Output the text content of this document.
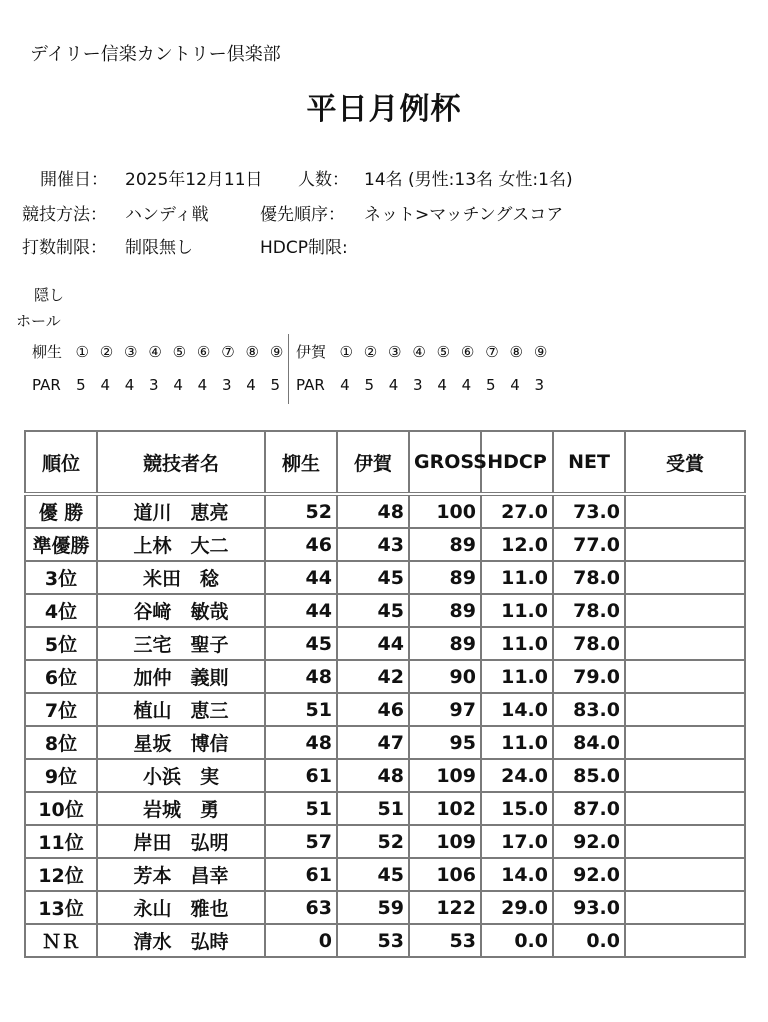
デイリー信楽カントリー倶楽部
平日月例杯
開催日： 2025年12月11日 人数： 14名 (男性:13名 女性:1名)
競技方法： ハンディ戦	優先順序： ネット>マッチングスコア
打数制限： 制限無し	HDCP制限:
隠し
ホール
柳生 ① ② ③ ④ ⑤ ⑥ ⑦ ⑧ ⑨
PAR 5 4 4 3 4 4 3 4 5
伊賀 ① ② ③ ④ ⑤ ⑥ ⑦ ⑧ ⑨
PAR 4 5 4 3 4 4 5 4 3
順位	競技者名	柳生	伊賀	GROSS	HDCP	NET	受賞
優 勝	道川　恵亮	52	48	100	27.0	73.0	
準優勝	上林　大二	46	43	89	12.0	77.0	
3位	米田　稔	44	45	89	11.0	78.0	
4位	谷﨑　敏哉	44	45	89	11.0	78.0	
5位	三宅　聖子	45	44	89	11.0	78.0	
6位	加仲　義則	48	42	90	11.0	79.0	
7位	植山　恵三	51	46	97	14.0	83.0	
8位	星坂　博信	48	47	95	11.0	84.0	
9位	小浜　実	61	48	109	24.0	85.0	
10位	岩城　勇	51	51	102	15.0	87.0	
11位	岸田　弘明	57	52	109	17.0	92.0	
12位	芳本　昌幸	61	45	106	14.0	92.0	
13位	永山　雅也	63	59	122	29.0	93.0	
ＮＲ	清水　弘時	0	53	53	0.0	0.0	
